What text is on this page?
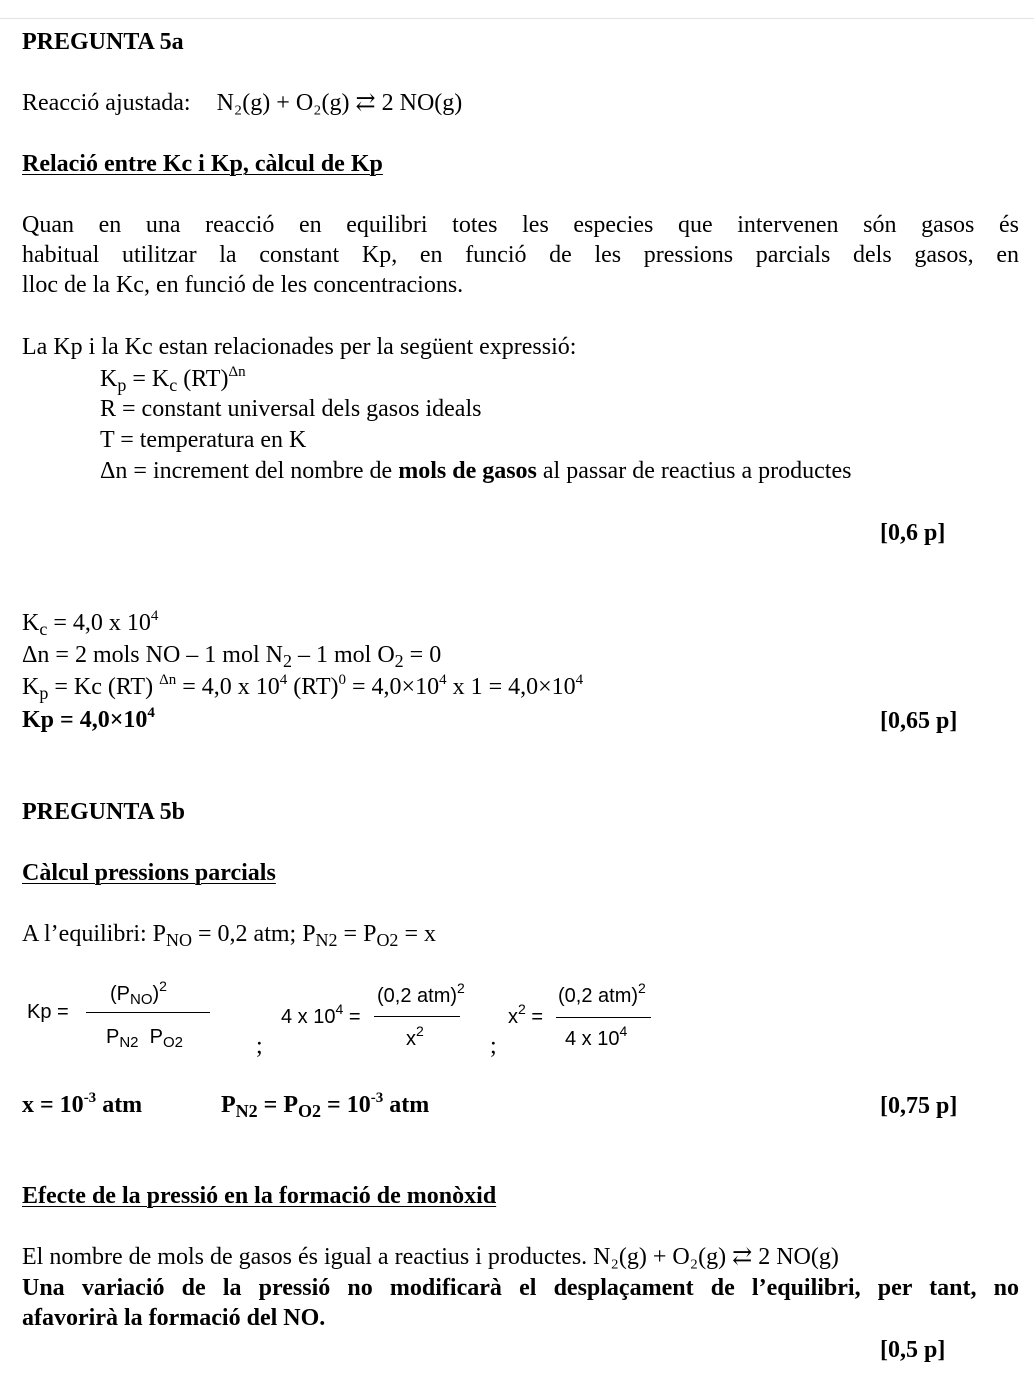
PREGUNTA 5a
Reacció ajustada: N₂(g) + O₂(g) ⇄ 2 NO(g)
Relació entre Kc i Kp, càlcul de Kp
Quan en una reacció en equilibri totes les especies que intervenen són gasos és
habitual utilitzar la constant Kp, en funció de les pressions parcials dels gasos, en
lloc de la Kc, en funció de les concentracions.
La Kp i la Kc estan relacionades per la següent expressió:
$K_p = K_c$ (RT)$^{\Delta n}$
R = constant universal dels gasos ideals
T = temperatura en K
Δn = increment del nombre de mols de gasos al passar de reactius a productes
[0,6 p]
$K_c = 4,0$ x $10^4$
Δn = 2 mols NO – 1 mol $N_2 - 1$ mol $O_2 = 0$
$K_p = Kc$ (RT) $^{\Delta n}$ = 4,0 x $10^4$ $(RT)^0 = 4,0\times 10^4$ x $1 = 4,0\times 10^4$
$Kp = 4,0\times 10^4$	[0,65 p]
PREGUNTA 5b
Càlcul pressions parcials
A l’equilibri: $P_{NO} = 0,2$ atm; $P_{N2} = P_{O2} = x$
Kp =
$(P_{NO})^2$
$P_{N2}$  $P_{O2}$	;
4 x $10^4$ =
(0,2 atm)$^2$
$x^2$
;
$x^2$ =
(0,2 atm)$^2$
4 x $10^4$
$x = 10^{-3}$ atm	$P_{N2} = P_{O2} = 10^{-3}$ atm	[0,75 p]
Efecte de la pressió en la formació de monòxid
El nombre de mols de gasos és igual a reactius i productes. N₂(g) + O₂(g) ⇄ 2 NO(g)
Una variació de la pressió no modificarà el desplaçament de l’equilibri, per tant, no
afavorirà la formació del NO.
[0,5 p]
